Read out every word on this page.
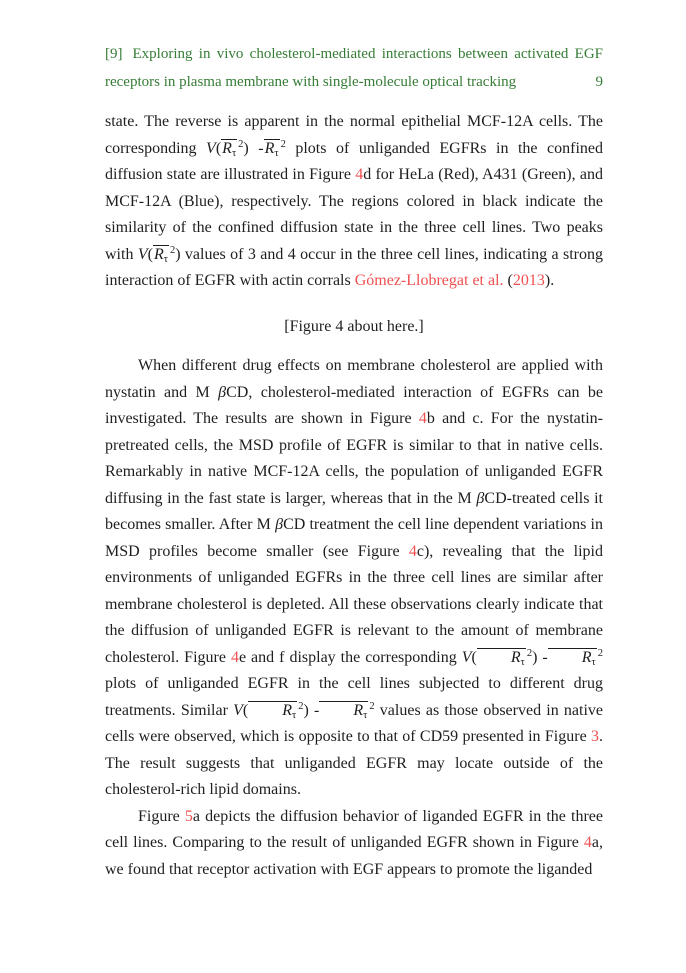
[9] Exploring in vivo cholesterol-mediated interactions between activated EGF receptors in plasma membrane with single-molecule optical tracking	9

state. The reverse is apparent in the normal epithelial MCF-12A cells. The corresponding $V(R_\tau^2)$ $-R_\tau^2$ plots of unliganded EGFRs in the confined diffusion state are illustrated in Figure 4d for HeLa (Red), A431 (Green), and MCF-12A (Blue), respectively. The regions colored in black indicate the similarity of the confined diffusion state in the three cell lines. Two peaks with $V(R_\tau^2)$ values of 3 and 4 occur in the three cell lines, indicating a strong interaction of EGFR with actin corrals Gómez-Llobregat et al. (2013).

[Figure 4 about here.]

When different drug effects on membrane cholesterol are applied with nystatin and M βCD, cholesterol-mediated interaction of EGFRs can be investigated. The results are shown in Figure 4b and c. For the nystatin-pretreated cells, the MSD profile of EGFR is similar to that in native cells. Remarkably in native MCF-12A cells, the population of unliganded EGFR diffusing in the fast state is larger, whereas that in the M βCD-treated cells it becomes smaller. After M βCD treatment the cell line dependent variations in MSD profiles become smaller (see Figure 4c), revealing that the lipid environments of unliganded EGFRs in the three cell lines are similar after membrane cholesterol is depleted. All these observations clearly indicate that the diffusion of unliganded EGFR is relevant to the amount of membrane cholesterol. Figure 4e and f display the corresponding V( $R_\tau^2) - R_\tau^2$ plots of unliganded EGFR in the cell lines subjected to different drug treatments. Similar V( $R_\tau^2) - R_\tau^2$ values as those observed in native cells were observed, which is opposite to that of CD59 presented in Figure 3. The result suggests that unliganded EGFR may locate outside of the cholesterol-rich lipid domains.

Figure 5a depicts the diffusion behavior of liganded EGFR in the three cell lines. Comparing to the result of unliganded EGFR shown in Figure 4a, we found that receptor activation with EGF appears to promote the liganded
